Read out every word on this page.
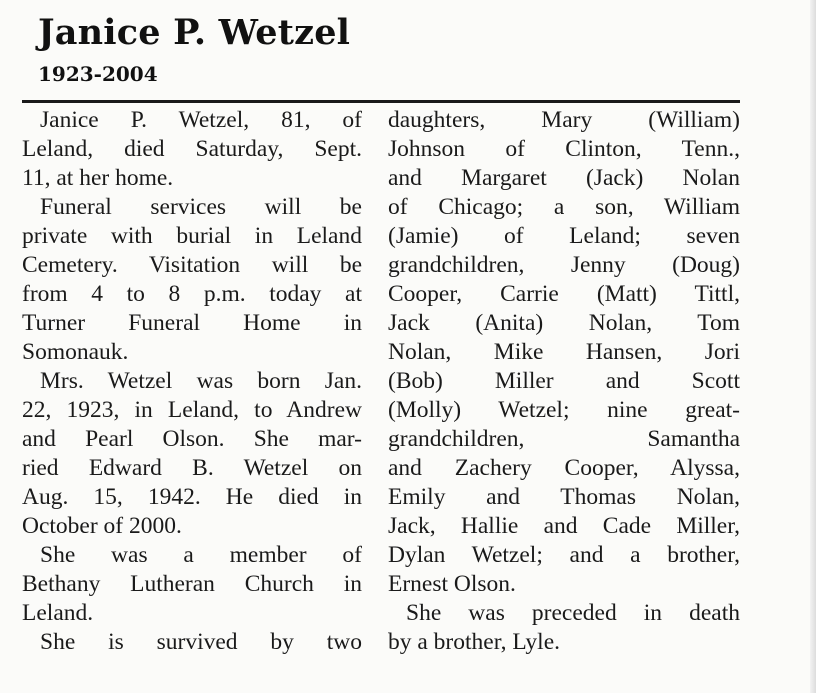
Janice P. Wetzel
1923-2004

Janice P. Wetzel, 81, of
Leland, died Saturday, Sept.
11, at her home.

Funeral services will be
private with burial in Leland
Cemetery. Visitation will be
from 4 to 8 p.m. today at
Turner Funeral Home in
Somonauk.

Mrs. Wetzel was born Jan.
22, 1923, in Leland, to Andrew
and Pearl Olson. She mar-
ried Edward B. Wetzel on
Aug. 15, 1942. He died in
October of 2000.

She was a member of
Bethany Lutheran Church in
Leland.

She is survived by two

daughters, Mary (William)
Johnson of Clinton, Tenn.,
and Margaret (Jack) Nolan
of Chicago; a son, William
(Jamie) of Leland; seven
grandchildren, Jenny (Doug)
Cooper, Carrie (Matt) Tittl,
Jack (Anita) Nolan, Tom
Nolan, Mike Hansen, Jori
(Bob) Miller and Scott
(Molly) Wetzel; nine great-
grandchildren, Samantha
and Zachery Cooper, Alyssa,
Emily and Thomas Nolan,
Jack, Hallie and Cade Miller,
Dylan Wetzel; and a brother,
Ernest Olson.

She was preceded in death
by a brother, Lyle.
